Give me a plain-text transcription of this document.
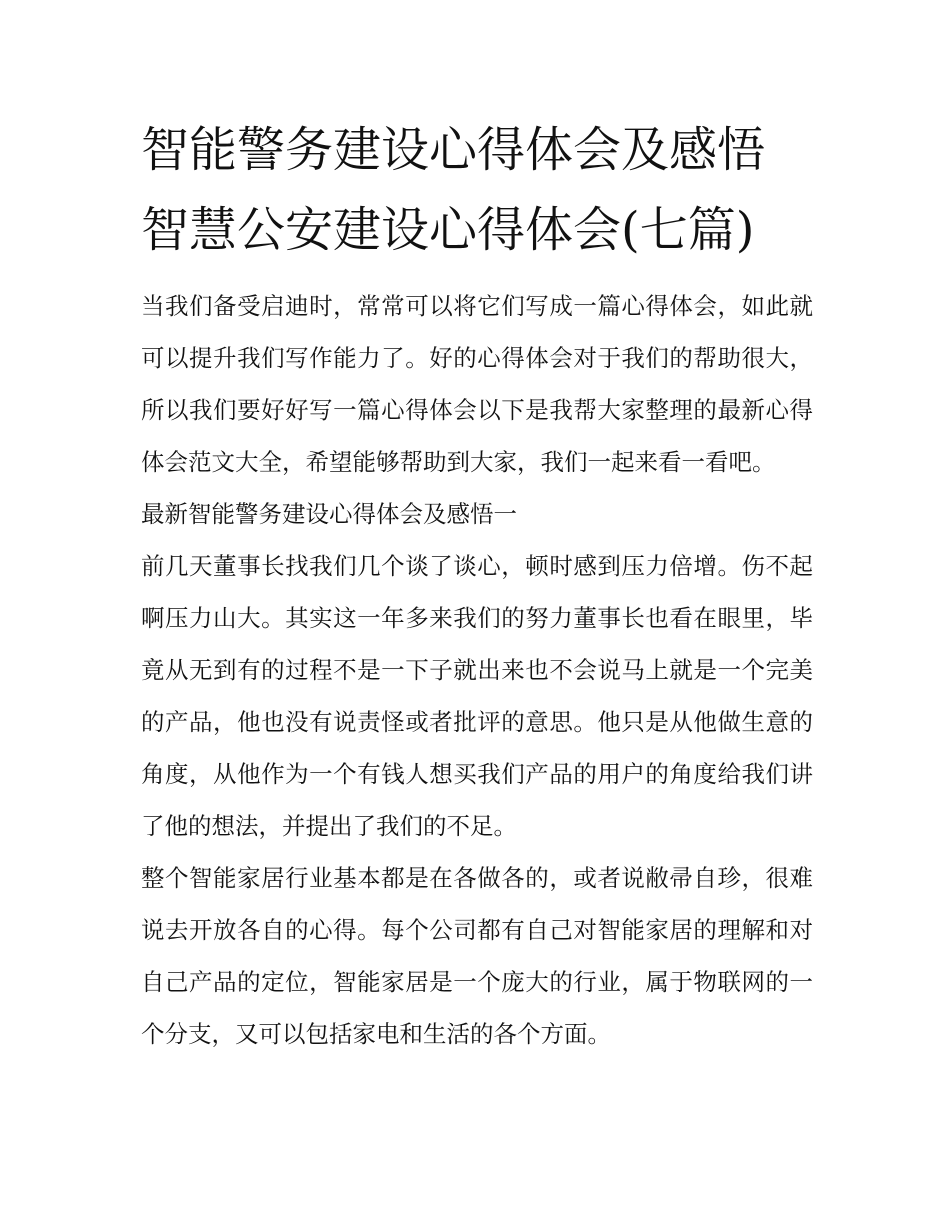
智能警务建设心得体会及感悟
智慧公安建设心得体会(七篇)

当我们备受启迪时，常常可以将它们写成一篇心得体会，如此就可以提升我们写作能力了。好的心得体会对于我们的帮助很大，所以我们要好好写一篇心得体会以下是我帮大家整理的最新心得体会范文大全，希望能够帮助到大家，我们一起来看一看吧。

最新智能警务建设心得体会及感悟一

前几天董事长找我们几个谈了谈心，顿时感到压力倍增。伤不起啊压力山大。其实这一年多来我们的努力董事长也看在眼里，毕竟从无到有的过程不是一下子就出来也不会说马上就是一个完美的产品，他也没有说责怪或者批评的意思。他只是从他做生意的角度，从他作为一个有钱人想买我们产品的用户的角度给我们讲了他的想法，并提出了我们的不足。

整个智能家居行业基本都是在各做各的，或者说敝帚自珍，很难说去开放各自的心得。每个公司都有自己对智能家居的理解和对自己产品的定位，智能家居是一个庞大的行业，属于物联网的一个分支，又可以包括家电和生活的各个方面。
